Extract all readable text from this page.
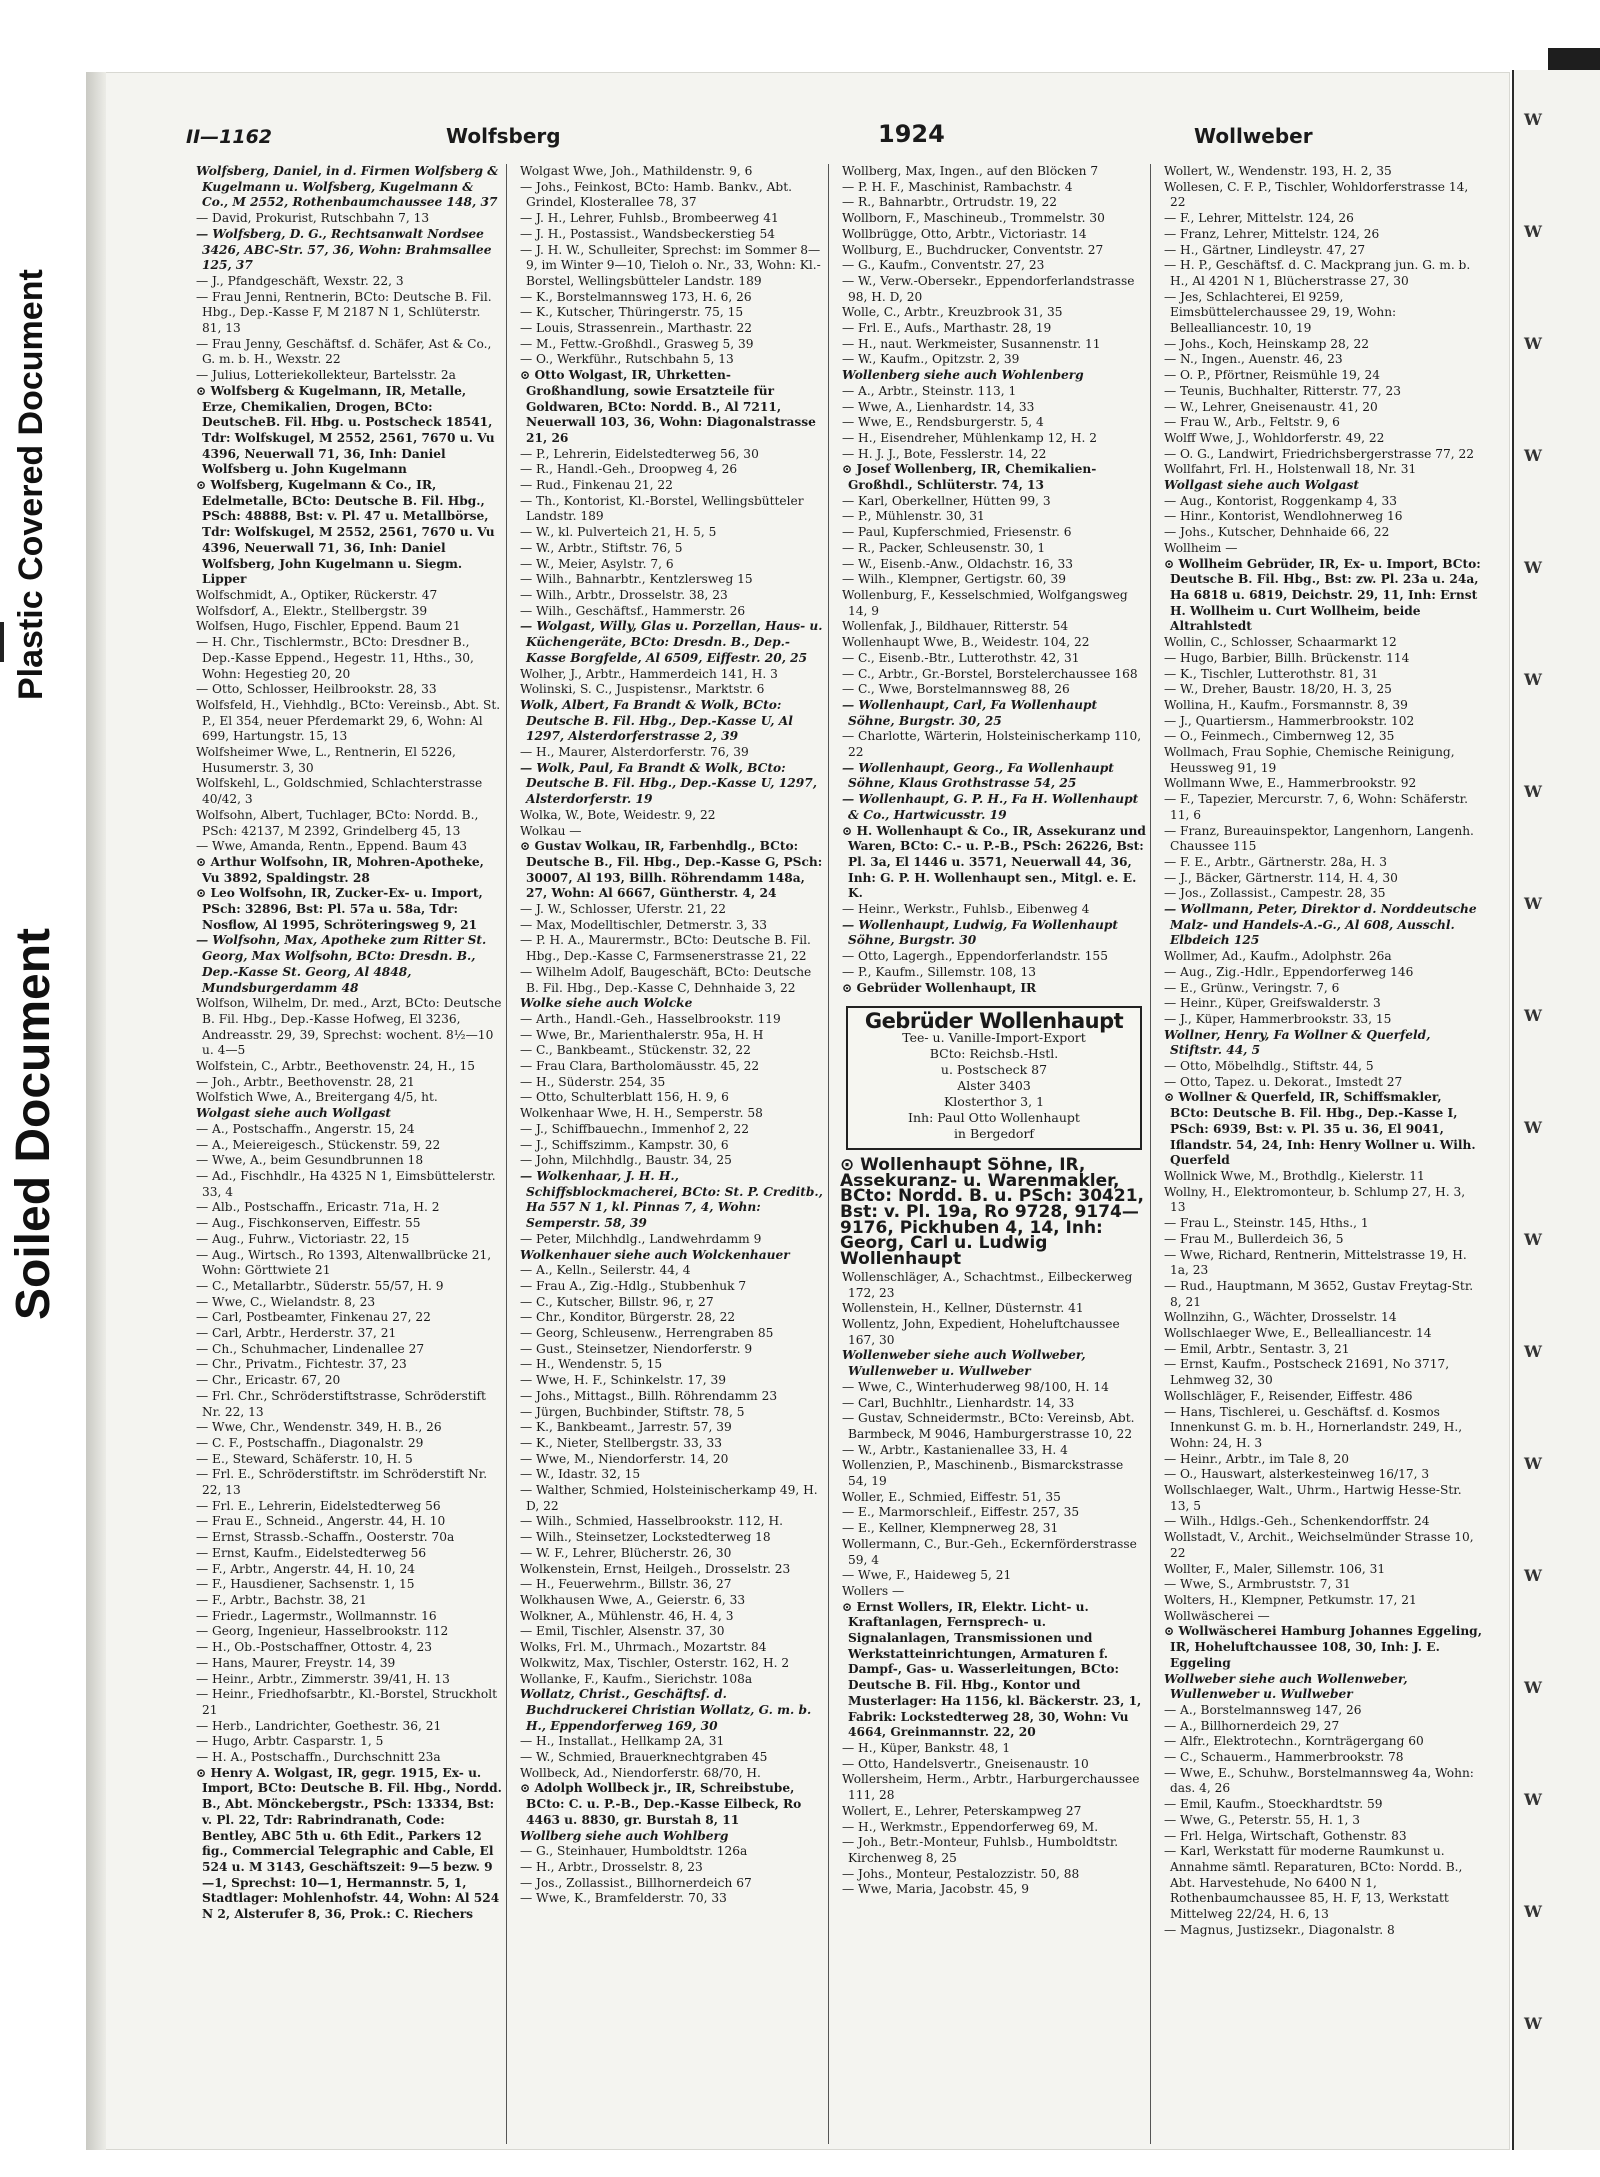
Plastic Covered Document
Soiled Document
W
W
W
W
W
W
W
W
W
W
W
W
W
W
W
W
W
W
II—1162	Wolfsberg	1924	Wollweber
Wolfsberg, Daniel, in d. Firmen Wolfsberg & Kugelmann u. Wolfsberg, Kugelmann & Co., M 2552, Rothenbaumchaussee 148, 37
— David, Prokurist, Rutschbahn 7, 13
— Wolfsberg, D. G., Rechtsanwalt Nordsee 3426, ABC-Str. 57, 36, Wohn: Brahmsallee 125, 37
— J., Pfandgeschäft, Wexstr. 22, 3
— Frau Jenni, Rentnerin, BCto: Deutsche B. Fil. Hbg., Dep.-Kasse F, M 2187 N 1, Schlüterstr. 81, 13
— Frau Jenny, Geschäftsf. d. Schäfer, Ast & Co., G. m. b. H., Wexstr. 22
— Julius, Lotteriekollekteur, Bartelsstr. 2a
⊙ Wolfsberg & Kugelmann, IR, Metalle, Erze, Chemikalien, Drogen, BCto: DeutscheB. Fil. Hbg. u. Postscheck 18541, Tdr: Wolfskugel, M 2552, 2561, 7670 u. Vu 4396, Neuerwall 71, 36, Inh: Daniel Wolfsberg u. John Kugelmann
⊙ Wolfsberg, Kugelmann & Co., IR, Edelmetalle, BCto: Deutsche B. Fil. Hbg., PSch: 48888, Bst: v. Pl. 47 u. Metallbörse, Tdr: Wolfskugel, M 2552, 2561, 7670 u. Vu 4396, Neuerwall 71, 36, Inh: Daniel Wolfsberg, John Kugelmann u. Siegm. Lipper
Wolfschmidt, A., Optiker, Rückerstr. 47
Wolfsdorf, A., Elektr., Stellbergstr. 39
Wolfsen, Hugo, Fischler, Eppend. Baum 21
— H. Chr., Tischlermstr., BCto: Dresdner B., Dep.-Kasse Eppend., Hegestr. 11, Hths., 30, Wohn: Hegestieg 20, 20
— Otto, Schlosser, Heilbrookstr. 28, 33
Wolfsfeld, H., Viehhdlg., BCto: Vereinsb., Abt. St. P., El 354, neuer Pferdemarkt 29, 6, Wohn: Al 699, Hartungstr. 15, 13
Wolfsheimer Wwe, L., Rentnerin, El 5226, Husumerstr. 3, 30
Wolfskehl, L., Goldschmied, Schlachterstrasse 40/42, 3
Wolfsohn, Albert, Tuchlager, BCto: Nordd. B., PSch: 42137, M 2392, Grindelberg 45, 13
— Wwe, Amanda, Rentn., Eppend. Baum 43
⊙ Arthur Wolfsohn, IR, Mohren-Apotheke, Vu 3892, Spaldingstr. 28
⊙ Leo Wolfsohn, IR, Zucker-Ex- u. Import, PSch: 32896, Bst: Pl. 57a u. 58a, Tdr: Nosflow, Al 1995, Schröteringsweg 9, 21
— Wolfsohn, Max, Apotheke zum Ritter St. Georg, Max Wolfsohn, BCto: Dresdn. B., Dep.-Kasse St. Georg, Al 4848, Mundsburgerdamm 48
Wolfson, Wilhelm, Dr. med., Arzt, BCto: Deutsche B. Fil. Hbg., Dep.-Kasse Hofweg, El 3236, Andreasstr. 29, 39, Sprechst: wochent. 8½—10 u. 4—5
Wolfstein, C., Arbtr., Beethovenstr. 24, H., 15
— Joh., Arbtr., Beethovenstr. 28, 21
Wolfstich Wwe, A., Breitergang 4/5, ht.
Wolgast siehe auch Wollgast
— A., Postschaffn., Angerstr. 15, 24
— A., Meiereigesch., Stückenstr. 59, 22
— Wwe, A., beim Gesundbrunnen 18
— Ad., Fischhdlr., Ha 4325 N 1, Eimsbüttelerstr. 33, 4
— Alb., Postschaffn., Ericastr. 71a, H. 2
— Aug., Fischkonserven, Eiffestr. 55
— Aug., Fuhrw., Victoriastr. 22, 15
— Aug., Wirtsch., Ro 1393, Altenwallbrücke 21, Wohn: Görttwiete 21
— C., Metallarbtr., Süderstr. 55/57, H. 9
— Wwe, C., Wielandstr. 8, 23
— Carl, Postbeamter, Finkenau 27, 22
— Carl, Arbtr., Herderstr. 37, 21
— Ch., Schuhmacher, Lindenallee 27
— Chr., Privatm., Fichtestr. 37, 23
— Chr., Ericastr. 67, 20
— Frl. Chr., Schröderstiftstrasse, Schröderstift Nr. 22, 13
— Wwe, Chr., Wendenstr. 349, H. B., 26
— C. F., Postschaffn., Diagonalstr. 29
— E., Steward, Schäferstr. 10, H. 5
— Frl. E., Schröderstiftstr. im Schröderstift Nr. 22, 13
— Frl. E., Lehrerin, Eidelstedterweg 56
— Frau E., Schneid., Angerstr. 44, H. 10
— Ernst, Strassb.-Schaffn., Oosterstr. 70a
— Ernst, Kaufm., Eidelstedterweg 56
— F., Arbtr., Angerstr. 44, H. 10, 24
— F., Hausdiener, Sachsenstr. 1, 15
— F., Arbtr., Bachstr. 38, 21
— Friedr., Lagermstr., Wollmannstr. 16
— Georg, Ingenieur, Hasselbrookstr. 112
— H., Ob.-Postschaffner, Ottostr. 4, 23
— Hans, Maurer, Freystr. 14, 39
— Heinr., Arbtr., Zimmerstr. 39/41, H. 13
— Heinr., Friedhofsarbtr., Kl.-Borstel, Struckholt 21
— Herb., Landrichter, Goethestr. 36, 21
— Hugo, Arbtr. Casparstr. 1, 5
— H. A., Postschaffn., Durchschnitt 23a
⊙ Henry A. Wolgast, IR, gegr. 1915, Ex- u. Import, BCto: Deutsche B. Fil. Hbg., Nordd. B., Abt. Mönckebergstr., PSch: 13334, Bst: v. Pl. 22, Tdr: Rabrindranath, Code: Bentley, ABC 5th u. 6th Edit., Parkers 12 fig., Commercial Telegraphic and Cable, El 524 u. M 3143, Geschäftszeit: 9—5 bezw. 9—1, Sprechst: 10—1, Hermannstr. 5, 1, Stadtlager: Mohlenhofstr. 44, Wohn: Al 524 N 2, Alsterufer 8, 36, Prok.: C. Riechers
Wolgast Wwe, Joh., Mathildenstr. 9, 6
— Johs., Feinkost, BCto: Hamb. Bankv., Abt. Grindel, Klosterallee 78, 37
— J. H., Lehrer, Fuhlsb., Brombeerweg 41
— J. H., Postassist., Wandsbeckerstieg 54
— J. H. W., Schulleiter, Sprechst: im Sommer 8—9, im Winter 9—10, Tieloh o. Nr., 33, Wohn: Kl.-Borstel, Wellingsbütteler Landstr. 189
— K., Borstelmannsweg 173, H. 6, 26
— K., Kutscher, Thüringerstr. 75, 15
— Louis, Strassenrein., Marthastr. 22
— M., Fettw.-Großhdl., Grasweg 5, 39
— O., Werkführ., Rutschbahn 5, 13
⊙ Otto Wolgast, IR, Uhrketten-Großhandlung, sowie Ersatzteile für Goldwaren, BCto: Nordd. B., Al 7211, Neuerwall 103, 36, Wohn: Diagonalstrasse 21, 26
— P., Lehrerin, Eidelstedterweg 56, 30
— R., Handl.-Geh., Droopweg 4, 26
— Rud., Finkenau 21, 22
— Th., Kontorist, Kl.-Borstel, Wellingsbütteler Landstr. 189
— W., kl. Pulverteich 21, H. 5, 5
— W., Arbtr., Stiftstr. 76, 5
— W., Meier, Asylstr. 7, 6
— Wilh., Bahnarbtr., Kentzlersweg 15
— Wilh., Arbtr., Drosselstr. 38, 23
— Wilh., Geschäftsf., Hammerstr. 26
— Wolgast, Willy, Glas u. Porzellan, Haus- u. Küchengeräte, BCto: Dresdn. B., Dep.-Kasse Borgfelde, Al 6509, Eiffestr. 20, 25
Wolher, J., Arbtr., Hammerdeich 141, H. 3
Wolinski, S. C., Juspistensr., Marktstr. 6
Wolk, Albert, Fa Brandt & Wolk, BCto: Deutsche B. Fil. Hbg., Dep.-Kasse U, Al 1297, Alsterdorferstrasse 2, 39
— H., Maurer, Alsterdorferstr. 76, 39
— Wolk, Paul, Fa Brandt & Wolk, BCto: Deutsche B. Fil. Hbg., Dep.-Kasse U, 1297, Alsterdorferstr. 19
Wolka, W., Bote, Weidestr. 9, 22
Wolkau —
⊙ Gustav Wolkau, IR, Farbenhdlg., BCto: Deutsche B., Fil. Hbg., Dep.-Kasse G, PSch: 30007, Al 193, Billh. Röhrendamm 148a, 27, Wohn: Al 6667, Güntherstr. 4, 24
— J. W., Schlosser, Uferstr. 21, 22
— Max, Modelltischler, Detmerstr. 3, 33
— P. H. A., Maurermstr., BCto: Deutsche B. Fil. Hbg., Dep.-Kasse C, Farmsenerstrasse 21, 22
— Wilhelm Adolf, Baugeschäft, BCto: Deutsche B. Fil. Hbg., Dep.-Kasse C, Dehnhaide 3, 22
Wolke siehe auch Wolcke
— Arth., Handl.-Geh., Hasselbrookstr. 119
— Wwe, Br., Marienthalerstr. 95a, H. H
— C., Bankbeamt., Stückenstr. 32, 22
— Frau Clara, Bartholomäusstr. 45, 22
— H., Süderstr. 254, 35
— Otto, Schulterblatt 156, H. 9, 6
Wolkenhaar Wwe, H. H., Semperstr. 58
— J., Schiffbauechn., Immenhof 2, 22
— J., Schiffszimm., Kampstr. 30, 6
— John, Milchhdlg., Baustr. 34, 25
— Wolkenhaar, J. H. H., Schiffsblockmacherei, BCto: St. P. Creditb., Ha 557 N 1, kl. Pinnas 7, 4, Wohn: Semperstr. 58, 39
— Peter, Milchhdlg., Landwehrdamm 9
Wolkenhauer siehe auch Wolckenhauer
— A., Kelln., Seilerstr. 44, 4
— Frau A., Zig.-Hdlg., Stubbenhuk 7
— C., Kutscher, Billstr. 96, r, 27
— Chr., Konditor, Bürgerstr. 28, 22
— Georg, Schleusenw., Herrengraben 85
— Gust., Steinsetzer, Niendorferstr. 9
— H., Wendenstr. 5, 15
— Wwe, H. F., Schinkelstr. 17, 39
— Johs., Mittagst., Billh. Röhrendamm 23
— Jürgen, Buchbinder, Stiftstr. 78, 5
— K., Bankbeamt., Jarrestr. 57, 39
— K., Nieter, Stellbergstr. 33, 33
— Wwe, M., Niendorferstr. 14, 20
— W., Idastr. 32, 15
— Walther, Schmied, Holsteinischerkamp 49, H. D, 22
— Wilh., Schmied, Hasselbrookstr. 112, H.
— Wilh., Steinsetzer, Lockstedterweg 18
— W. F., Lehrer, Blücherstr. 26, 30
Wolkenstein, Ernst, Heilgeh., Drosselstr. 23
— H., Feuerwehrm., Billstr. 36, 27
Wolkhausen Wwe, A., Geierstr. 6, 33
Wolkner, A., Mühlenstr. 46, H. 4, 3
— Emil, Tischler, Alsenstr. 37, 30
Wolks, Frl. M., Uhrmach., Mozartstr. 84
Wolkwitz, Max, Tischler, Osterstr. 162, H. 2
Wollanke, F., Kaufm., Sierichstr. 108a
Wollatz, Christ., Geschäftsf. d. Buchdruckerei Christian Wollatz, G. m. b. H., Eppendorferweg 169, 30
— H., Installat., Hellkamp 2A, 31
— W., Schmied, Brauerknechtgraben 45
Wollbeck, Ad., Niendorferstr. 68/70, H.
⊙ Adolph Wollbeck jr., IR, Schreibstube, BCto: C. u. P.-B., Dep.-Kasse Eilbeck, Ro 4463 u. 8830, gr. Burstah 8, 11
Wollberg siehe auch Wohlberg
— G., Steinhauer, Humboldtstr. 126a
— H., Arbtr., Drosselstr. 8, 23
— Jos., Zollassist., Billhornerdeich 67
— Wwe, K., Bramfelderstr. 70, 33
Wollberg, Max, Ingen., auf den Blöcken 7
— P. H. F., Maschinist, Rambachstr. 4
— R., Bahnarbtr., Ortrudstr. 19, 22
Wollborn, F., Maschineub., Trommelstr. 30
Wollbrügge, Otto, Arbtr., Victoriastr. 14
Wollburg, E., Buchdrucker, Conventstr. 27
— G., Kaufm., Conventstr. 27, 23
— W., Verw.-Obersekr., Eppendorferlandstrasse 98, H. D, 20
Wolle, C., Arbtr., Kreuzbrook 31, 35
— Frl. E., Aufs., Marthastr. 28, 19
— H., naut. Werkmeister, Susannenstr. 11
— W., Kaufm., Opitzstr. 2, 39
Wollenberg siehe auch Wohlenberg
— A., Arbtr., Steinstr. 113, 1
— Wwe, A., Lienhardstr. 14, 33
— Wwe, E., Rendsburgerstr. 5, 4
— H., Eisendreher, Mühlenkamp 12, H. 2
— H. J. J., Bote, Fesslerstr. 14, 22
⊙ Josef Wollenberg, IR, Chemikalien-Großhdl., Schlüterstr. 74, 13
— Karl, Oberkellner, Hütten 99, 3
— P., Mühlenstr. 30, 31
— Paul, Kupferschmied, Friesenstr. 6
— R., Packer, Schleusenstr. 30, 1
— W., Eisenb.-Anw., Oldachstr. 16, 33
— Wilh., Klempner, Gertigstr. 60, 39
Wollenburg, F., Kesselschmied, Wolfgangsweg 14, 9
Wollenfak, J., Bildhauer, Ritterstr. 54
Wollenhaupt Wwe, B., Weidestr. 104, 22
— C., Eisenb.-Btr., Lutterothstr. 42, 31
— C., Arbtr., Gr.-Borstel, Borstelerchaussee 168
— C., Wwe, Borstelmannsweg 88, 26
— Wollenhaupt, Carl, Fa Wollenhaupt Söhne, Burgstr. 30, 25
— Charlotte, Wärterin, Holsteinischerkamp 110, 22
— Wollenhaupt, Georg., Fa Wollenhaupt Söhne, Klaus Grothstrasse 54, 25
— Wollenhaupt, G. P. H., Fa H. Wollenhaupt & Co., Hartwicusstr. 19
⊙ H. Wollenhaupt & Co., IR, Assekuranz und Waren, BCto: C.- u. P.-B., PSch: 26226, Bst: Pl. 3a, El 1446 u. 3571, Neuerwall 44, 36, Inh: G. P. H. Wollenhaupt sen., Mitgl. e. E. K.
— Heinr., Werkstr., Fuhlsb., Eibenweg 4
— Wollenhaupt, Ludwig, Fa Wollenhaupt Söhne, Burgstr. 30
— Otto, Lagergh., Eppendorferlandstr. 155
— P., Kaufm., Sillemstr. 108, 13
⊙ Gebrüder Wollenhaupt, IR
Gebrüder Wollenhaupt
Tee- u. Vanille-Import-Export
BCto: Reichsb.-Hstl.
u. Postscheck 87
Alster 3403
Klosterthor 3, 1
Inh: Paul Otto Wollenhaupt
in Bergedorf
⊙ Wollenhaupt Söhne, IR, Assekuranz- u. Warenmakler, BCto: Nordd. B. u. PSch: 30421, Bst: v. Pl. 19a, Ro 9728, 9174—9176, Pickhuben 4, 14, Inh: Georg, Carl u. Ludwig Wollenhaupt
Wollenschläger, A., Schachtmst., Eilbeckerweg 172, 23
Wollenstein, H., Kellner, Düsternstr. 41
Wollentz, John, Expedient, Hoheluftchaussee 167, 30
Wollenweber siehe auch Wollweber, Wullenweber u. Wullweber
— Wwe, C., Winterhuderweg 98/100, H. 14
— Carl, Buchhltr., Lienhardstr. 14, 33
— Gustav, Schneidermstr., BCto: Vereinsb, Abt. Barmbeck, M 9046, Hamburgerstrasse 10, 22
— W., Arbtr., Kastanienallee 33, H. 4
Wollenzien, P., Maschinenb., Bismarckstrasse 54, 19
Woller, E., Schmied, Eiffestr. 51, 35
— E., Marmorschleif., Eiffestr. 257, 35
— E., Kellner, Klempnerweg 28, 31
Wollermann, C., Bur.-Geh., Eckernförderstrasse 59, 4
— Wwe, F., Haideweg 5, 21
Wollers —
⊙ Ernst Wollers, IR, Elektr. Licht- u. Kraftanlagen, Fernsprech- u. Signalanlagen, Transmissionen und Werkstatteinrichtungen, Armaturen f. Dampf-, Gas- u. Wasserleitungen, BCto: Deutsche B. Fil. Hbg., Kontor und Musterlager: Ha 1156, kl. Bäckerstr. 23, 1, Fabrik: Lockstedterweg 28, 30, Wohn: Vu 4664, Greinmannstr. 22, 20
— H., Küper, Bankstr. 48, 1
— Otto, Handelsvertr., Gneisenaustr. 10
Wollersheim, Herm., Arbtr., Harburgerchaussee 111, 28
Wollert, E., Lehrer, Peterskampweg 27
— H., Werkmstr., Eppendorferweg 69, M.
— Joh., Betr.-Monteur, Fuhlsb., Humboldtstr. Kirchenweg 8, 25
— Johs., Monteur, Pestalozzistr. 50, 88
— Wwe, Maria, Jacobstr. 45, 9
Wollert, W., Wendenstr. 193, H. 2, 35
Wollesen, C. F. P., Tischler, Wohldorferstrasse 14, 22
— F., Lehrer, Mittelstr. 124, 26
— Franz, Lehrer, Mittelstr. 124, 26
— H., Gärtner, Lindleystr. 47, 27
— H. P., Geschäftsf. d. C. Mackprang jun. G. m. b. H., Al 4201 N 1, Blücherstrasse 27, 30
— Jes, Schlachterei, El 9259, Eimsbüttelerchaussee 29, 19, Wohn: Bellealliancestr. 10, 19
— Johs., Koch, Heinskamp 28, 22
— N., Ingen., Auenstr. 46, 23
— O. P., Pförtner, Reismühle 19, 24
— Teunis, Buchhalter, Ritterstr. 77, 23
— W., Lehrer, Gneisenaustr. 41, 20
— Frau W., Arb., Feltstr. 9, 6
Wolff Wwe, J., Wohldorferstr. 49, 22
— O. G., Landwirt, Friedrichsbergerstrasse 77, 22
Wollfahrt, Frl. H., Holstenwall 18, Nr. 31
Wollgast siehe auch Wolgast
— Aug., Kontorist, Roggenkamp 4, 33
— Hinr., Kontorist, Wendlohnerweg 16
— Johs., Kutscher, Dehnhaide 66, 22
Wollheim —
⊙ Wollheim Gebrüder, IR, Ex- u. Import, BCto: Deutsche B. Fil. Hbg., Bst: zw. Pl. 23a u. 24a, Ha 6818 u. 6819, Deichstr. 29, 11, Inh: Ernst H. Wollheim u. Curt Wollheim, beide Altrahlstedt
Wollin, C., Schlosser, Schaarmarkt 12
— Hugo, Barbier, Billh. Brückenstr. 114
— K., Tischler, Lutterothstr. 81, 31
— W., Dreher, Baustr. 18/20, H. 3, 25
Wollina, H., Kaufm., Forsmannstr. 8, 39
— J., Quartiersm., Hammerbrookstr. 102
— O., Feinmech., Cimbernweg 12, 35
Wollmach, Frau Sophie, Chemische Reinigung, Heussweg 91, 19
Wollmann Wwe, E., Hammerbrookstr. 92
— F., Tapezier, Mercurstr. 7, 6, Wohn: Schäferstr. 11, 6
— Franz, Bureauinspektor, Langenhorn, Langenh. Chaussee 115
— F. E., Arbtr., Gärtnerstr. 28a, H. 3
— J., Bäcker, Gärtnerstr. 114, H. 4, 30
— Jos., Zollassist., Campestr. 28, 35
— Wollmann, Peter, Direktor d. Norddeutsche Malz- und Handels-A.-G., Al 608, Ausschl. Elbdeich 125
Wollmer, Ad., Kaufm., Adolphstr. 26a
— Aug., Zig.-Hdlr., Eppendorferweg 146
— E., Grünw., Veringstr. 7, 6
— Heinr., Küper, Greifswalderstr. 3
— J., Küper, Hammerbrookstr. 33, 15
Wollner, Henry, Fa Wollner & Querfeld, Stiftstr. 44, 5
— Otto, Möbelhdlg., Stiftstr. 44, 5
— Otto, Tapez. u. Dekorat., Imstedt 27
⊙ Wollner & Querfeld, IR, Schiffsmakler, BCto: Deutsche B. Fil. Hbg., Dep.-Kasse I, PSch: 6939, Bst: v. Pl. 35 u. 36, El 9041, Iflandstr. 54, 24, Inh: Henry Wollner u. Wilh. Querfeld
Wollnick Wwe, M., Brothdlg., Kielerstr. 11
Wollny, H., Elektromonteur, b. Schlump 27, H. 3, 13
— Frau L., Steinstr. 145, Hths., 1
— Frau M., Bullerdeich 36, 5
— Wwe, Richard, Rentnerin, Mittelstrasse 19, H. 1a, 23
— Rud., Hauptmann, M 3652, Gustav Freytag-Str. 8, 21
Wollnzihn, G., Wächter, Drosselstr. 14
Wollschlaeger Wwe, E., Bellealliancestr. 14
— Emil, Arbtr., Sentastr. 3, 21
— Ernst, Kaufm., Postscheck 21691, No 3717, Lehmweg 32, 30
Wollschläger, F., Reisender, Eiffestr. 486
— Hans, Tischlerei, u. Geschäftsf. d. Kosmos Innenkunst G. m. b. H., Hornerlandstr. 249, H., Wohn: 24, H. 3
— Heinr., Arbtr., im Tale 8, 20
— O., Hauswart, alsterkesteinweg 16/17, 3
Wollschlaeger, Walt., Uhrm., Hartwig Hesse-Str. 13, 5
— Wilh., Hdlgs.-Geh., Schenkendorffstr. 24
Wollstadt, V., Archit., Weichselmünder Strasse 10, 22
Wollter, F., Maler, Sillemstr. 106, 31
— Wwe, S., Armbruststr. 7, 31
Wolters, H., Klempner, Petkumstr. 17, 21
Wollwäscherei —
⊙ Wollwäscherei Hamburg Johannes Eggeling, IR, Hoheluftchaussee 108, 30, Inh: J. E. Eggeling
Wollweber siehe auch Wollenweber, Wullenweber u. Wullweber
— A., Borstelmannsweg 147, 26
— A., Billhornerdeich 29, 27
— Alfr., Elektrotechn., Kornträgergang 60
— C., Schauerm., Hammerbrookstr. 78
— Wwe, E., Schuhw., Borstelmannsweg 4a, Wohn: das. 4, 26
— Emil, Kaufm., Stoeckhardtstr. 59
— Wwe, G., Peterstr. 55, H. 1, 3
— Frl. Helga, Wirtschaft, Gothenstr. 83
— Karl, Werkstatt für moderne Raumkunst u. Annahme sämtl. Reparaturen, BCto: Nordd. B., Abt. Harvestehude, No 6400 N 1, Rothenbaumchaussee 85, H. F, 13, Werkstatt Mittelweg 22/24, H. 6, 13
— Magnus, Justizsekr., Diagonalstr. 8
